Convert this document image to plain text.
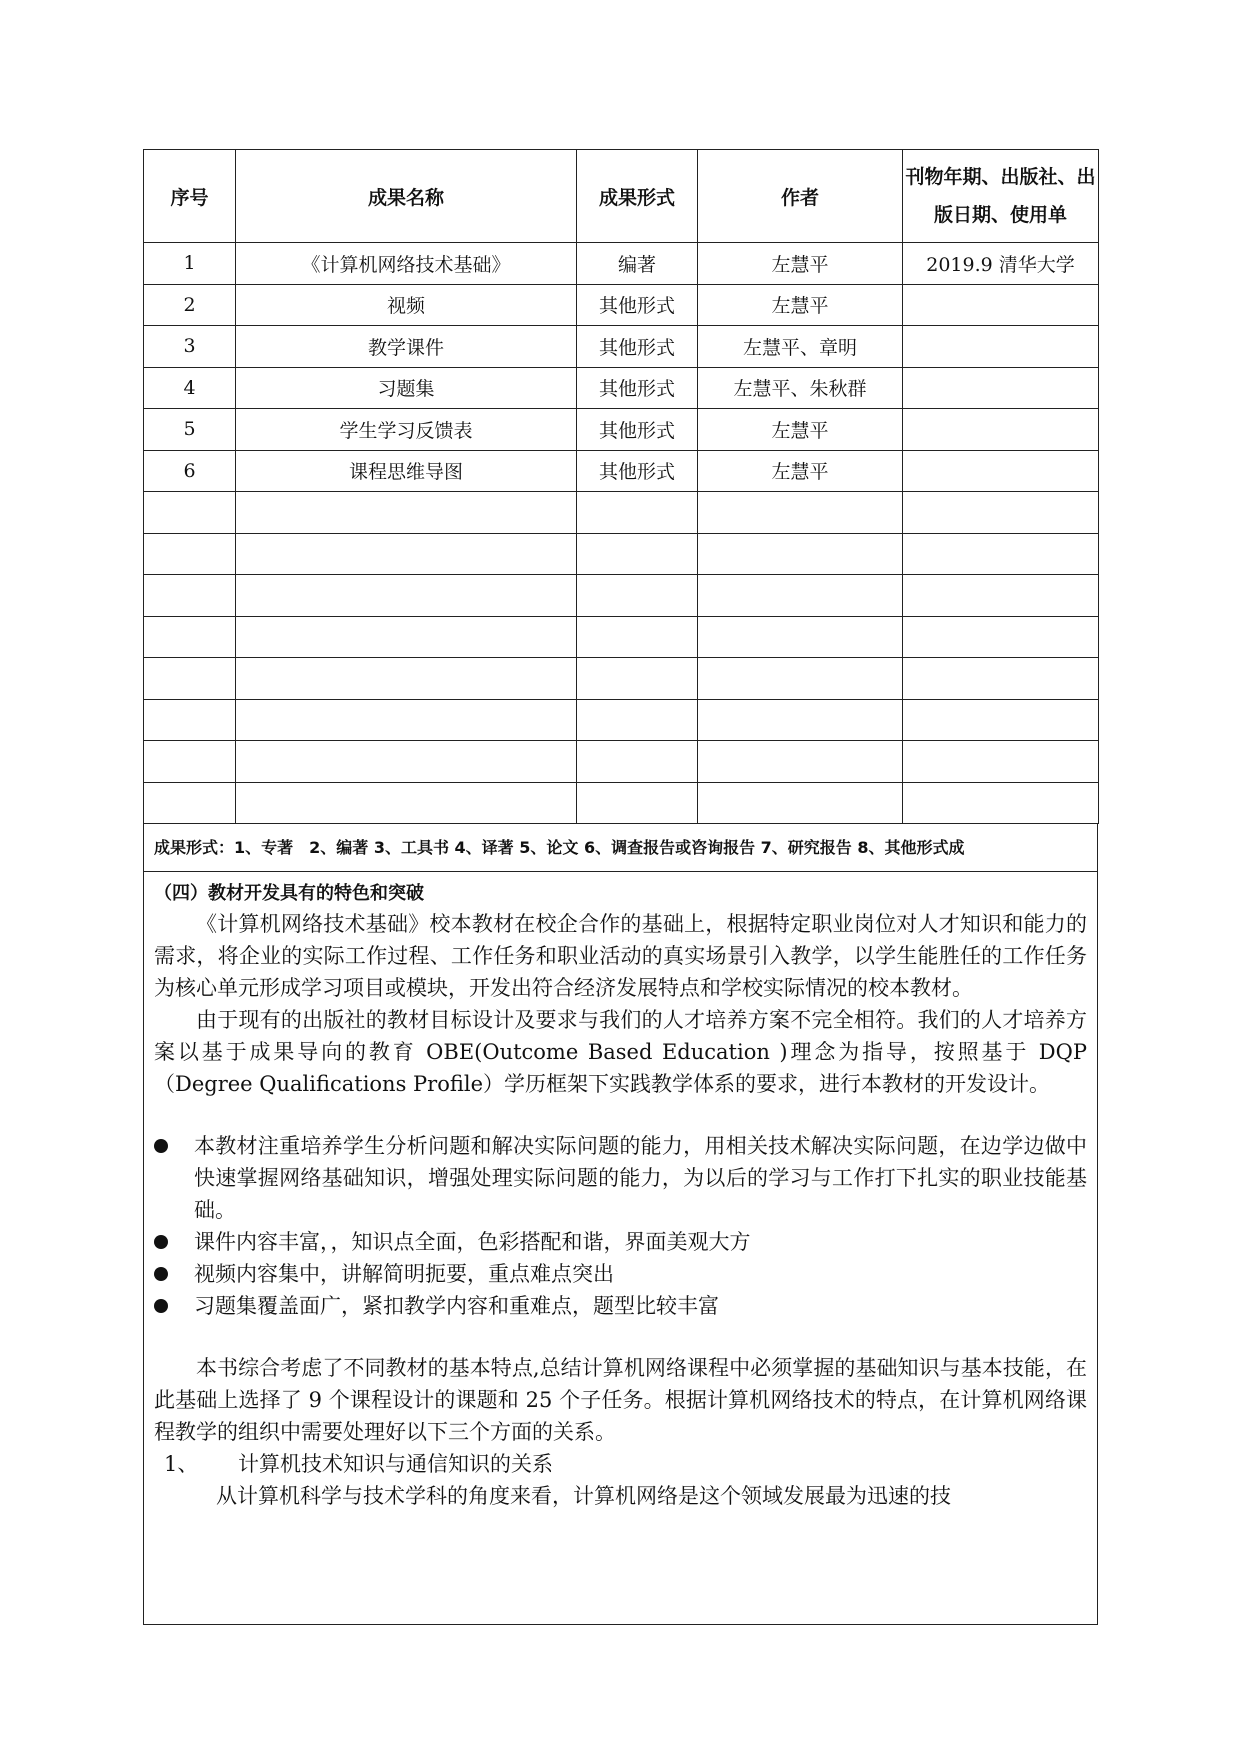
序号	成果名称	成果形式	作者	刊物年期、出版社、出版日期、使用单
1	《计算机网络技术基础》	编著	左慧平	2019.9 清华大学
2	视频	其他形式	左慧平	
3	教学课件	其他形式	左慧平、章明	
4	习题集	其他形式	左慧平、朱秋群	
5	学生学习反馈表	其他形式	左慧平	
6	课程思维导图	其他形式	左慧平	

成果形式：1、专著　2、编著 3、工具书 4、译著 5、论文 6、调查报告或咨询报告 7、研究报告 8、其他形式成
（四）教材开发具有的特色和突破

《计算机网络技术基础》校本教材在校企合作的基础上，根据特定职业岗位对人才知识和能力的需求，将企业的实际工作过程、工作任务和职业活动的真实场景引入教学，以学生能胜任的工作任务为核心单元形成学习项目或模块，开发出符合经济发展特点和学校实际情况的校本教材。

由于现有的出版社的教材目标设计及要求与我们的人才培养方案不完全相符。我们的人才培养方案以基于成果导向的教育 OBE(Outcome Based Education )理念为指导，按照基于 DQP（Degree Qualifications Profile）学历框架下实践教学体系的要求，进行本教材的开发设计。

本教材注重培养学生分析问题和解决实际问题的能力，用相关技术解决实际问题，在边学边做中快速掌握网络基础知识，增强处理实际问题的能力，为以后的学习与工作打下扎实的职业技能基础。
课件内容丰富，，知识点全面，色彩搭配和谐，界面美观大方
视频内容集中，讲解简明扼要，重点难点突出
习题集覆盖面广，紧扣教学内容和重难点，题型比较丰富

本书综合考虑了不同教材的基本特点,总结计算机网络课程中必须掌握的基础知识与基本技能，在此基础上选择了 9 个课程设计的课题和 25 个子任务。根据计算机网络技术的特点，在计算机网络课程教学的组织中需要处理好以下三个方面的关系。

1、 计算机技术知识与通信知识的关系

从计算机科学与技术学科的角度来看，计算机网络是这个领域发展最为迅速的技
